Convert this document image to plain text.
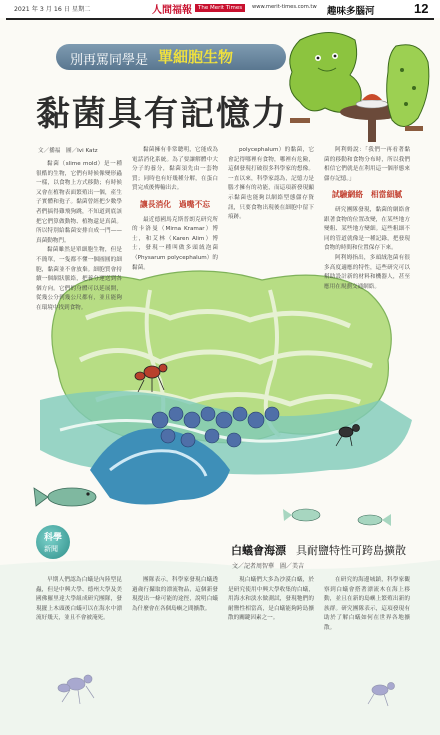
2021 年 3 月 16 日 星期二	人間福報	The Merit Times	www.merit-times.com.tw 趣味多腦河	12
別再罵同學是 單細胞生物
黏菌具有記憶力
文／播福　圖／Ivi Katz

黏菌（slime mold）是一種很酷的生物，它們有時候像變形蟲一樣，以食物上方式移動；有時候又會在植物表面繁殖出一個，產生子實體和孢子。黏菌曾經把少數學者們搞得雞飛狗跳，不知道到底該把它們算做動物、植物還是真菌。所以特別給黏菌安排自成一門——真菌動物門。

黏菌雖然是單細胞生物，但是不簡單，一隻都不懂一個圓圓的細胞，黏菌並不會放棄。細胞質會持續一個網狀脈絡，把養分運送到各個方向。它們的身體可以延展開，從幾公分到幾公尺都有，並且能夠在環境中找到食物。

黏菌擁有非常聰明，它能成為電話消化系統。為了要讓解體中大分子的養分，黏菌須先由一套物質；同時也有好幾種分解，在蛋白質完成後傳輸出去。

讓長消化　過嘴不忘

最近德國馬克斯普朗克研究所的卡洛曼（Mirna Kramar）博士，和艾林（Karen Alim）博士，發現一種叫做多頭絨泡菌（Physarum polycephalum）的黏菌。

polycephalum）的黏菌，它會記得哪裡有食物，哪裡有危險，這個發現打破很多科學家的想像。一直以來，科學家認為，記憶力是腦才擁有的功能，而這項新發現顯示黏菌也能夠以網絡型態儲存資訊，只要食物出現後在細胞中留下痕跡。

阿利姆說：「我們一再看著黏菌的移動和食物分布時，所以我們相信它們就是在利用這一個形態來儲存記憶。」

試驗網絡　相當細膩

研究團隊發現，黏菌的網絡會跟著食物的位置改變，在某些地方變粗、某些地方變細。這些粗細不同的管道就像是一種記錄，把發現食物的時間和位置保存下來。

阿利姆指出，多頭絨泡菌有很多高度適應的特性，這些研究可以幫助設計新的材料和機器人，甚至應用在規劃交通網絡。

科學
新聞	白蟻會海漂 具耐鹽特性可跨島擴散
文／記者周智華　圖／美吉

早期人們認為白蟻是內陸型昆蟲，但是中興大學、德州大學及美國佛羅里達大學組成研究團隊，發現擺上木頭後白蟻可以在海水中漂流好幾天，並且不會被淹死。

團隊表示，科學家發現白蟻透過歲行攝取的漂流物品，這個新發現提出一條可能的途徑，說明白蟻為什麼會在各個島嶼之間擴散。

現白蟻們大多為沙漠白蟻，於是研究使用中興大學收集的白蟻，用海水和淡水做測試，發現牠們的耐鹽性相當高，是白蟻能夠跨島擴散的關鍵因素之一。

在研究的海邊城鎮，科學家觀察到白蟻會搭著漂流木在海上移動，並且在新的島嶼上繁殖出新的族群。研究團隊表示，這項發現有助於了解白蟻如何在世界各地擴散。
